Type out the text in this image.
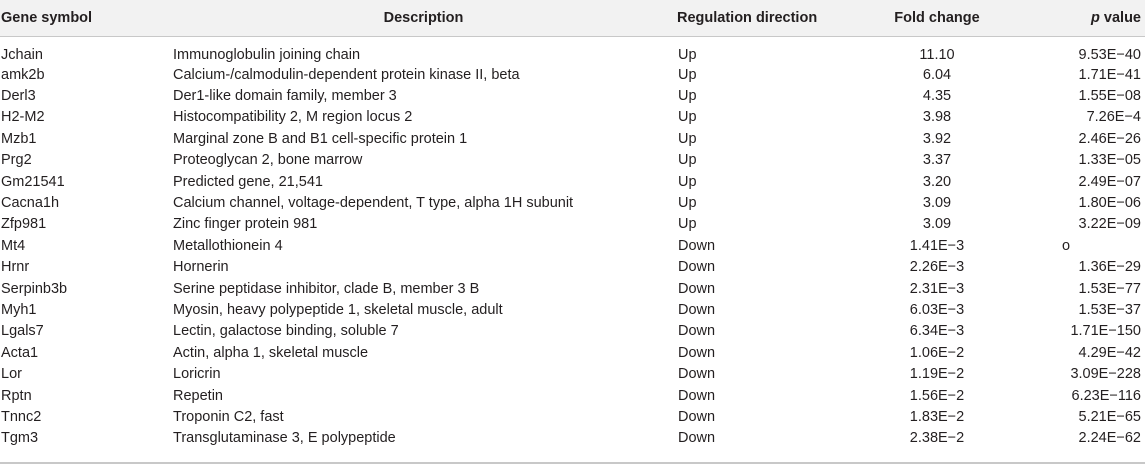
Gene symbol	Description	Regulation direction	Fold change	p value
Jchain	Immunoglobulin joining chain	Up	11.10	9.53E−40
amk2b	Calcium-/calmodulin-dependent protein kinase II, beta	Up	6.04	1.71E−41
Derl3	Der1-like domain family, member 3	Up	4.35	1.55E−08
H2-M2	Histocompatibility 2, M region locus 2	Up	3.98	7.26E−4
Mzb1	Marginal zone B and B1 cell-specific protein 1	Up	3.92	2.46E−26
Prg2	Proteoglycan 2, bone marrow	Up	3.37	1.33E−05
Gm21541	Predicted gene, 21,541	Up	3.20	2.49E−07
Cacna1h	Calcium channel, voltage-dependent, T type, alpha 1H subunit	Up	3.09	1.80E−06
Zfp981	Zinc finger protein 981	Up	3.09	3.22E−09
Mt4	Metallothionein 4	Down	1.41E−3	o
Hrnr	Hornerin	Down	2.26E−3	1.36E−29
Serpinb3b	Serine peptidase inhibitor, clade B, member 3 B	Down	2.31E−3	1.53E−77
Myh1	Myosin, heavy polypeptide 1, skeletal muscle, adult	Down	6.03E−3	1.53E−37
Lgals7	Lectin, galactose binding, soluble 7	Down	6.34E−3	1.71E−150
Acta1	Actin, alpha 1, skeletal muscle	Down	1.06E−2	4.29E−42
Lor	Loricrin	Down	1.19E−2	3.09E−228
Rptn	Repetin	Down	1.56E−2	6.23E−116
Tnnc2	Troponin C2, fast	Down	1.83E−2	5.21E−65
Tgm3	Transglutaminase 3, E polypeptide	Down	2.38E−2	2.24E−62
